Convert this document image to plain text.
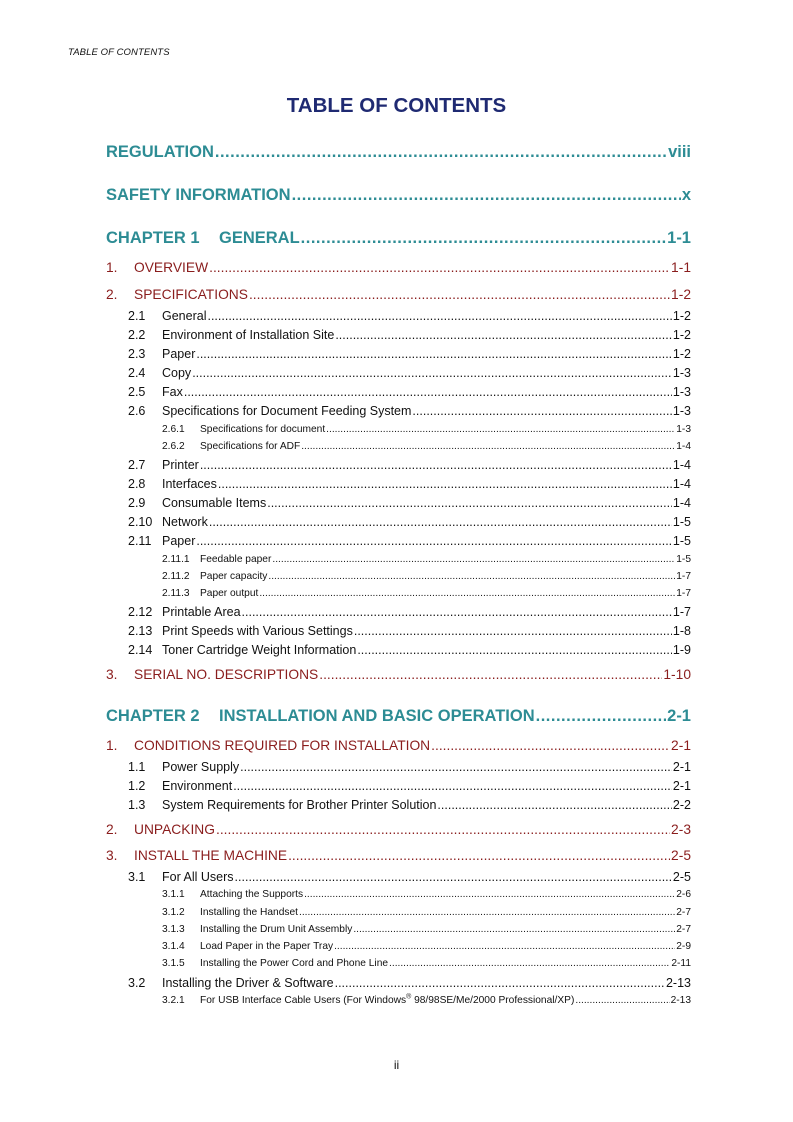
TABLE OF CONTENTS
TABLE OF CONTENTS
REGULATION .....	viii
SAFETY INFORMATION .....	x
CHAPTER 1	GENERAL .....	1-1
1.	OVERVIEW .....	1-1
2.	SPECIFICATIONS .....	1-2
2.1	General .....	1-2
2.2	Environment of Installation Site .....	1-2
2.3	Paper .....	1-2
2.4	Copy .....	1-3
2.5	Fax .....	1-3
2.6	Specifications for Document Feeding System .....	1-3
2.6.1	Specifications for document .....	1-3
2.6.2	Specifications for ADF .....	1-4
2.7	Printer .....	1-4
2.8	Interfaces .....	1-4
2.9	Consumable Items .....	1-4
2.10 Network .....	1-5
2.11 Paper .....	1-5
2.11.1	Feedable paper .....	1-5
2.11.2	Paper capacity .....	1-7
2.11.3	Paper output .....	1-7
2.12 Printable Area .....	1-7
2.13 Print Speeds with Various Settings .....	1-8
2.14 Toner Cartridge Weight Information .....	1-9
3.	SERIAL NO. DESCRIPTIONS .....	1-10
CHAPTER 2	INSTALLATION AND BASIC OPERATION .....	2-1
1.	CONDITIONS REQUIRED FOR INSTALLATION .....	2-1
1.1	Power Supply .....	2-1
1.2	Environment .....	2-1
1.3	System Requirements for Brother Printer Solution .....	2-2
2.	UNPACKING .....	2-3
3.	INSTALL THE MACHINE .....	2-5
3.1	For All Users .....	2-5
3.1.1	Attaching the Supports .....	2-6
3.1.2	Installing the Handset .....	2-7
3.1.3	Installing the Drum Unit Assembly .....	2-7
3.1.4	Load Paper in the Paper Tray .....	2-9
3.1.5	Installing the Power Cord and Phone Line .....	2-11
3.2	Installing the Driver & Software .....	2-13
3.2.1	For USB Interface Cable Users (For Windows® 98/98SE/Me/2000 Professional/XP) .....	2-13
ii
